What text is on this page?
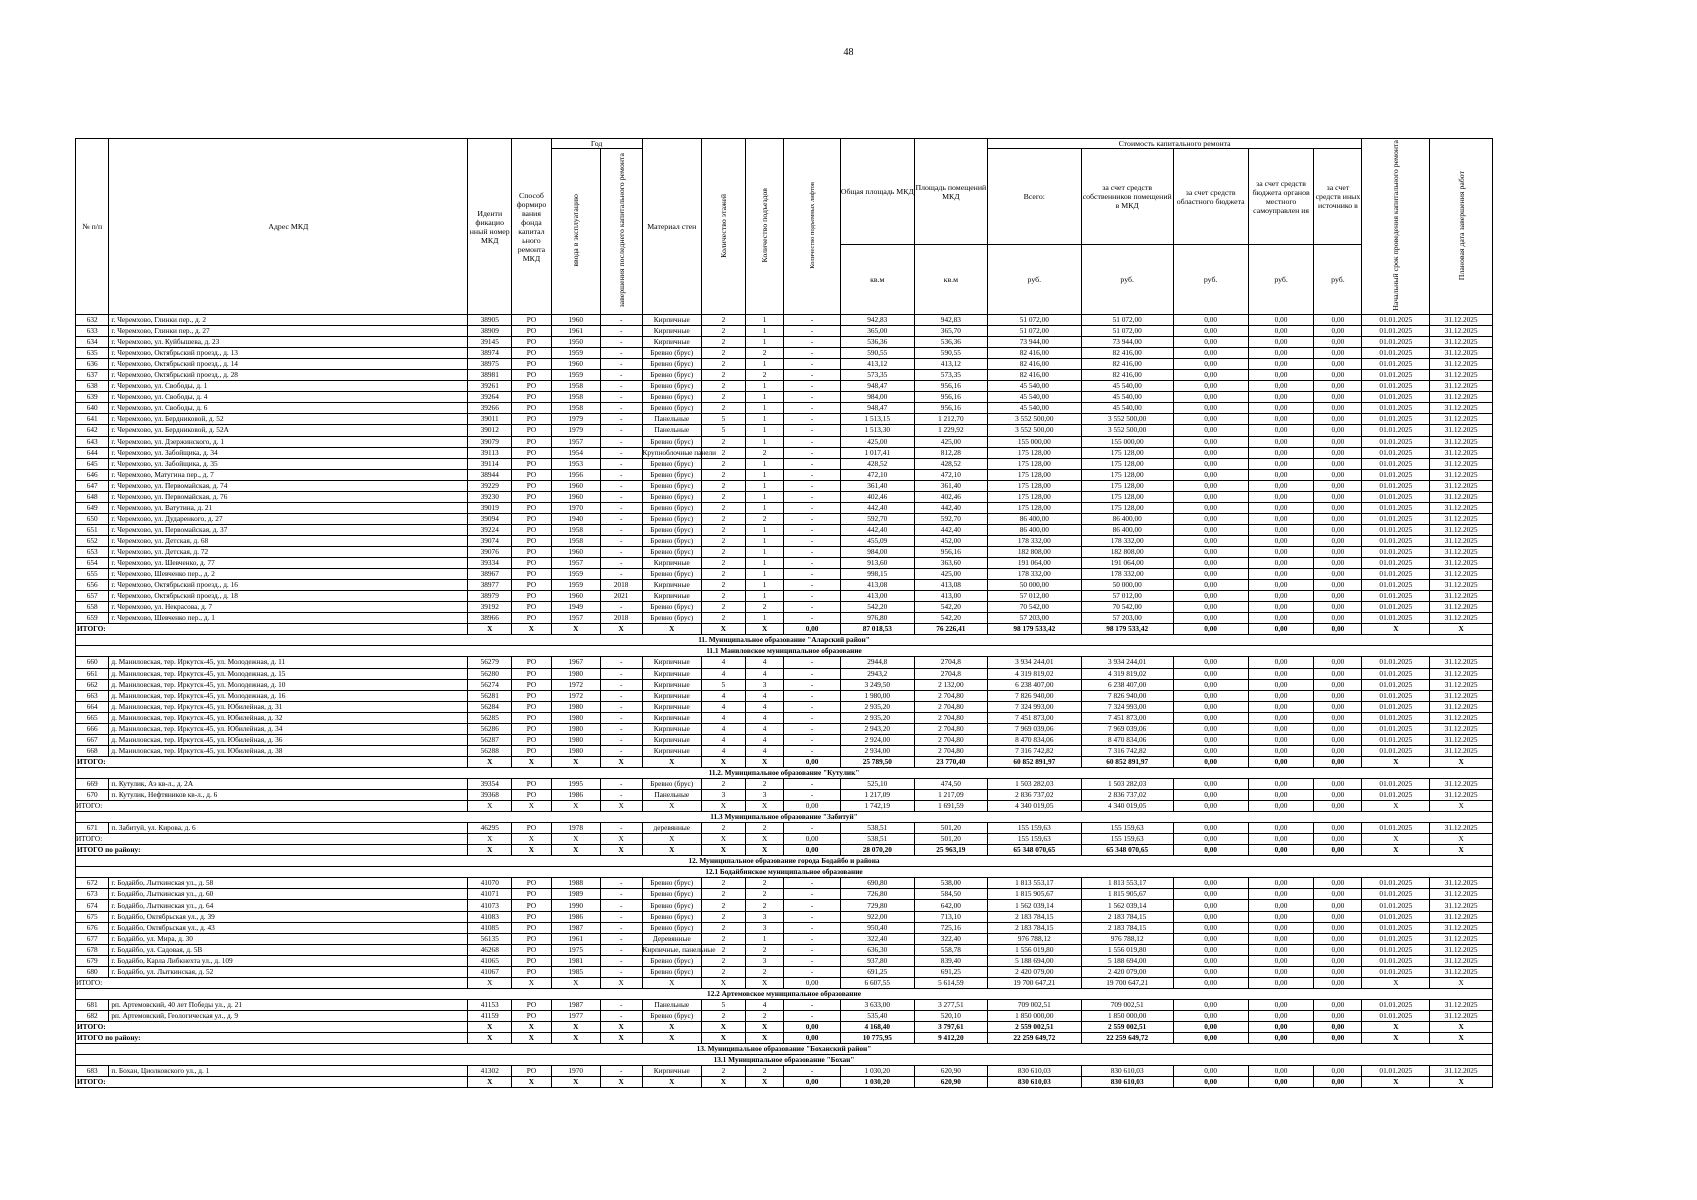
48
№ п/п	Адрес МКД	Иденти фикацио нный номер МКД	Способ формиро вания фонда капитал ьного ремонта МКД	Год		Материал стен	Количество этажей	Количество подъездов	Количество подъемных лифтов	Общая площадь МКД	Площадь помещений МКД	Стоимость капитального ремонта					Начальный срок проведения капитального ремонта	Плановая дата завершения работ
				ввода в эксплуатацию	завершения последнего капитального ремонта							Всего:	за счет средств собственников помещений в МКД	за счет средств областного бюджета	за счет средств бюджета органов местного самоуправлен ия	за счет средств иных источнико в		
										кв.м	кв.м	руб.	руб.	руб.	руб.	руб.		
632	г. Черемхово, Глинки пер., д. 2	38905	РО	1960	-	Кирпичные	2	1	-	942,83	942,83	51 072,00	51 072,00	0,00	0,00	0,00	01.01.2025	31.12.2025
633	г. Черемхово, Глинки пер., д. 27	38909	РО	1961	-	Кирпичные	2	1	-	365,00	365,70	51 072,00	51 072,00	0,00	0,00	0,00	01.01.2025	31.12.2025
634	г. Черемхово, ул. Куйбышева, д. 23	39145	РО	1950	-	Кирпичные	2	1	-	536,36	536,36	73 944,00	73 944,00	0,00	0,00	0,00	01.01.2025	31.12.2025
635	г. Черемхово, Октябрьский проезд., д. 13	38974	РО	1959	-	Бревно (брус)	2	2	-	590,55	590,55	82 416,00	82 416,00	0,00	0,00	0,00	01.01.2025	31.12.2025
636	г. Черемхово, Октябрьский проезд., д. 14	38975	РО	1960	-	Бревно (брус)	2	1	-	413,12	413,12	82 416,00	82 416,00	0,00	0,00	0,00	01.01.2025	31.12.2025
637	г. Черемхово, Октябрьский проезд., д. 28	38981	РО	1959	-	Бревно (брус)	2	2	-	573,35	573,35	82 416,00	82 416,00	0,00	0,00	0,00	01.01.2025	31.12.2025
638	г. Черемхово, ул. Свободы, д. 1	39261	РО	1958	-	Бревно (брус)	2	1	-	948,47	956,16	45 540,00	45 540,00	0,00	0,00	0,00	01.01.2025	31.12.2025
639	г. Черемхово, ул. Свободы, д. 4	39264	РО	1958	-	Бревно (брус)	2	1	-	984,00	956,16	45 540,00	45 540,00	0,00	0,00	0,00	01.01.2025	31.12.2025
640	г. Черемхово, ул. Свободы, д. 6	39266	РО	1958	-	Бревно (брус)	2	1	-	948,47	956,16	45 540,00	45 540,00	0,00	0,00	0,00	01.01.2025	31.12.2025
641	г. Черемхово, ул. Бердниковой, д. 52	39011	РО	1979	-	Панельные	5	1	-	1 513,15	1 212,70	3 552 500,00	3 552 500,00	0,00	0,00	0,00	01.01.2025	31.12.2025
642	г. Черемхово, ул. Бердниковой, д. 52А	39012	РО	1979	-	Панельные	5	1	-	1 513,30	1 229,92	3 552 500,00	3 552 500,00	0,00	0,00	0,00	01.01.2025	31.12.2025
643	г. Черемхово, ул. Дзержинского, д. 1	39079	РО	1957	-	Бревно (брус)	2	1	-	425,00	425,00	155 000,00	155 000,00	0,00	0,00	0,00	01.01.2025	31.12.2025
644	г. Черемхово, ул. Забойщика, д. 34	39113	РО	1954	-	Крупноблочные панели	2	2	-	1 017,41	812,28	175 128,00	175 128,00	0,00	0,00	0,00	01.01.2025	31.12.2025
645	г. Черемхово, ул. Забойщика, д. 35	39114	РО	1953	-	Бревно (брус)	2	1	-	428,52	428,52	175 128,00	175 128,00	0,00	0,00	0,00	01.01.2025	31.12.2025
646	г. Черемхово, Матугина пер., д. 7	38944	РО	1956	-	Бревно (брус)	2	1	-	472,10	472,10	175 128,00	175 128,00	0,00	0,00	0,00	01.01.2025	31.12.2025
647	г. Черемхово, ул. Первомайская, д. 74	39229	РО	1960	-	Бревно (брус)	2	1	-	361,40	361,40	175 128,00	175 128,00	0,00	0,00	0,00	01.01.2025	31.12.2025
648	г. Черемхово, ул. Первомайская, д. 76	39230	РО	1960	-	Бревно (брус)	2	1	-	402,46	402,46	175 128,00	175 128,00	0,00	0,00	0,00	01.01.2025	31.12.2025
649	г. Черемхово, ул. Ватутина, д. 21	39019	РО	1970	-	Бревно (брус)	2	1	-	442,40	442,40	175 128,00	175 128,00	0,00	0,00	0,00	01.01.2025	31.12.2025
650	г. Черемхово, ул. Дударенкого, д. 27	39094	РО	1940	-	Бревно (брус)	2	2	-	592,70	592,70	86 400,00	86 400,00	0,00	0,00	0,00	01.01.2025	31.12.2025
651	г. Черемхово, ул. Первомайская, д. 37	39224	РО	1958	-	Бревно (брус)	2	1	-	442,40	442,40	86 400,00	86 400,00	0,00	0,00	0,00	01.01.2025	31.12.2025
652	г. Черемхово, ул. Детская, д. 68	39074	РО	1958	-	Бревно (брус)	2	1	-	455,09	452,00	178 332,00	178 332,00	0,00	0,00	0,00	01.01.2025	31.12.2025
653	г. Черемхово, ул. Детская, д. 72	39076	РО	1960	-	Бревно (брус)	2	1	-	984,00	956,16	182 808,00	182 808,00	0,00	0,00	0,00	01.01.2025	31.12.2025
654	г. Черемхово, ул. Шевченко, д. 77	39334	РО	1957	-	Кирпичные	2	1	-	913,60	363,60	191 064,00	191 064,00	0,00	0,00	0,00	01.01.2025	31.12.2025
655	г. Черемхово, Шевченко пер., д. 2	38967	РО	1959	-	Бревно (брус)	2	1	-	998,15	425,00	178 332,00	178 332,00	0,00	0,00	0,00	01.01.2025	31.12.2025
656	г. Черемхово, Октябрьский проезд., д. 16	38977	РО	1959	2018	Кирпичные	2	1	-	413,08	413,08	50 000,00	50 000,00	0,00	0,00	0,00	01.01.2025	31.12.2025
657	г. Черемхово, Октябрьский проезд., д. 18	38979	РО	1960	2021	Кирпичные	2	1	-	413,00	413,00	57 012,00	57 012,00	0,00	0,00	0,00	01.01.2025	31.12.2025
658	г. Черемхово, ул. Некрасова, д. 7	39192	РО	1949	-	Бревно (брус)	2	2	-	542,20	542,20	70 542,00	70 542,00	0,00	0,00	0,00	01.01.2025	31.12.2025
659	г. Черемхово, Шевченко пер., д. 1	38966	РО	1957	2018	Бревно (брус)	2	1	-	976,80	542,20	57 203,00	57 203,00	0,00	0,00	0,00	01.01.2025	31.12.2025
ИТОГО:		X	X	X	X	X	X	X	0,00	87 018,53	76 226,41	98 179 533,42	98 179 533,42	0,00	0,00	0,00	X	X
11. Муниципальное образование "Аларский район"																		
11.1 Маниловское муниципальное образование																		
660	д. Маниловская, тер. Иркутск-45, ул. Молодежная, д. 11	56279	РО	1967	-	Кирпичные	4	4	-	2944,8	2704,8	3 934 244,01	3 934 244,01	0,00	0,00	0,00	01.01.2025	31.12.2025
661	д. Маниловская, тер. Иркутск-45, ул. Молодежная, д. 15	56280	РО	1980	-	Кирпичные	4	4	-	2943,2	2704,8	4 319 819,02	4 319 819,02	0,00	0,00	0,00	01.01.2025	31.12.2025
662	д. Маниловская, тер. Иркутск-45, ул. Молодежная, д. 10	56274	РО	1972	-	Кирпичные	5	3	-	3 249,50	2 132,00	6 238 407,00	6 238 407,00	0,00	0,00	0,00	01.01.2025	31.12.2025
663	д. Маниловская, тер. Иркутск-45, ул. Молодежная, д. 16	56281	РО	1972	-	Кирпичные	4	4	-	1 980,00	2 704,80	7 826 940,00	7 826 940,00	0,00	0,00	0,00	01.01.2025	31.12.2025
664	д. Маниловская, тер. Иркутск-45, ул. Юбилейная, д. 31	56284	РО	1980	-	Кирпичные	4	4	-	2 935,20	2 704,80	7 324 993,00	7 324 993,00	0,00	0,00	0,00	01.01.2025	31.12.2025
665	д. Маниловская, тер. Иркутск-45, ул. Юбилейная, д. 32	56285	РО	1980	-	Кирпичные	4	4	-	2 935,20	2 704,80	7 451 873,00	7 451 873,00	0,00	0,00	0,00	01.01.2025	31.12.2025
666	д. Маниловская, тер. Иркутск-45, ул. Юбилейная, д. 34	56286	РО	1980	-	Кирпичные	4	4	-	2 943,20	2 704,80	7 969 039,06	7 969 039,06	0,00	0,00	0,00	01.01.2025	31.12.2025
667	д. Маниловская, тер. Иркутск-45, ул. Юбилейная, д. 36	56287	РО	1980	-	Кирпичные	4	4	-	2 924,00	2 704,80	8 470 834,06	8 470 834,06	0,00	0,00	0,00	01.01.2025	31.12.2025
668	д. Маниловская, тер. Иркутск-45, ул. Юбилейная, д. 38	56288	РО	1980	-	Кирпичные	4	4	-	2 934,00	2 704,80	7 316 742,82	7 316 742,82	0,00	0,00	0,00	01.01.2025	31.12.2025
ИТОГО:		X	X	X	X	X	X	X	0,00	25 789,50	23 770,40	60 852 891,97	60 852 891,97	0,00	0,00	0,00	X	X
11.2. Муниципальное образование "Кутулик"																		
669	п. Кутулик, Аэ кв-л., д. 2А	39354	РО	1995	-	Бревно (брус)	2	2	-	525,10	474,50	1 503 282,03	1 503 282,03	0,00	0,00	0,00	01.01.2025	31.12.2025
670	п. Кутулик, Нефтяников кв-л., д. 6	39368	РО	1986	-	Панельные	3	3	-	1 217,09	1 217,09	2 836 737,02	2 836 737,02	0,00	0,00	0,00	01.01.2025	31.12.2025
ИТОГО:		X	X	X	X	X	X	X	0,00	1 742,19	1 691,59	4 340 019,05	4 340 019,05	0,00	0,00	0,00	X	X
11.3 Муниципальное образование "Забитуй"																		
671	п. Забитуй, ул. Кирова, д. 6	46295	РО	1978	-	деревянные	2	2	-	538,51	501,20	155 159,63	155 159,63	0,00	0,00	0,00	01.01.2025	31.12.2025
ИТОГО:		X	X	X	X	X	X	X	0,00	538,51	501,20	155 159,63	155 159,63	0,00	0,00	0,00	X	X
ИТОГО по району:		X	X	X	X	X	X	X	0,00	28 070,20	25 963,19	65 348 070,65	65 348 070,65	0,00	0,00	0,00	X	X
12. Муниципальное образование города Бодайбо и района																		
12.1 Бодайбинское муниципальное образование																		
672	г. Бодайбо, Лыткинская ул., д. 58	41070	РО	1988	-	Бревно (брус)	2	2	-	690,80	538,00	1 813 553,17	1 813 553,17	0,00	0,00	0,00	01.01.2025	31.12.2025
673	г. Бодайбо, Лыткинская ул., д. 60	41071	РО	1989	-	Бревно (брус)	2	2	-	726,80	584,50	1 815 905,67	1 815 905,67	0,00	0,00	0,00	01.01.2025	31.12.2025
674	г. Бодайбо, Лыткинская ул., д. 64	41073	РО	1990	-	Бревно (брус)	2	2	-	729,80	642,00	1 562 039,14	1 562 039,14	0,00	0,00	0,00	01.01.2025	31.12.2025
675	г. Бодайбо, Октябрьская ул., д. 39	41083	РО	1986	-	Бревно (брус)	2	3	-	922,00	713,10	2 183 784,15	2 183 784,15	0,00	0,00	0,00	01.01.2025	31.12.2025
676	г. Бодайбо, Октябрьская ул., д. 43	41085	РО	1987	-	Бревно (брус)	2	3	-	950,40	725,16	2 183 784,15	2 183 784,15	0,00	0,00	0,00	01.01.2025	31.12.2025
677	г. Бодайбо, ул. Мира, д. 30	56135	РО	1961	-	Деревянные	2	1	-	322,40	322,40	976 788,12	976 788,12	0,00	0,00	0,00	01.01.2025	31.12.2025
678	г. Бодайбо, ул. Садовая, д. 5В	46268	РО	1975	-	Кирпичные, панельные	2	2	-	636,30	558,78	1 556 019,80	1 556 019,80	0,00	0,00	0,00	01.01.2025	31.12.2025
679	г. Бодайбо, Карла Либкнехта ул., д. 109	41065	РО	1981	-	Бревно (брус)	2	3	-	937,80	839,40	5 188 694,00	5 188 694,00	0,00	0,00	0,00	01.01.2025	31.12.2025
680	г. Бодайбо, ул. Лыткинская, д. 52	41067	РО	1985	-	Бревно (брус)	2	2	-	691,25	691,25	2 420 079,00	2 420 079,00	0,00	0,00	0,00	01.01.2025	31.12.2025
ИТОГО:		X	X	X	X	X	X	X	0,00	6 607,55	5 614,59	19 700 647,21	19 700 647,21	0,00	0,00	0,00	X	X
12.2 Артемовское муниципальное образование																		
681	рп. Артемовский, 40 лет Победы ул., д. 21	41153	РО	1987	-	Панельные	5	4	-	3 633,00	3 277,51	709 002,51	709 002,51	0,00	0,00	0,00	01.01.2025	31.12.2025
682	рп. Артемовский, Геологическая ул., д. 9	41159	РО	1977	-	Бревно (брус)	2	2	-	535,40	520,10	1 850 000,00	1 850 000,00	0,00	0,00	0,00	01.01.2025	31.12.2025
ИТОГО:		X	X	X	X	X	X	X	0,00	4 168,40	3 797,61	2 559 002,51	2 559 002,51	0,00	0,00	0,00	X	X
ИТОГО по району:		X	X	X	X	X	X	X	0,00	10 775,95	9 412,20	22 259 649,72	22 259 649,72	0,00	0,00	0,00	X	X
13. Муниципальное образование "Боханский район"																		
13.1 Муниципальное образование "Бохан"																		
683	п. Бохан, Циолковского ул., д. 1	41302	РО	1970	-	Кирпичные	2	2	-	1 030,20	620,90	830 610,03	830 610,03	0,00	0,00	0,00	01.01.2025	31.12.2025
ИТОГО:		X	X	X	X	X	X	X	0,00	1 030,20	620,90	830 610,03	830 610,03	0,00	0,00	0,00	X	X
